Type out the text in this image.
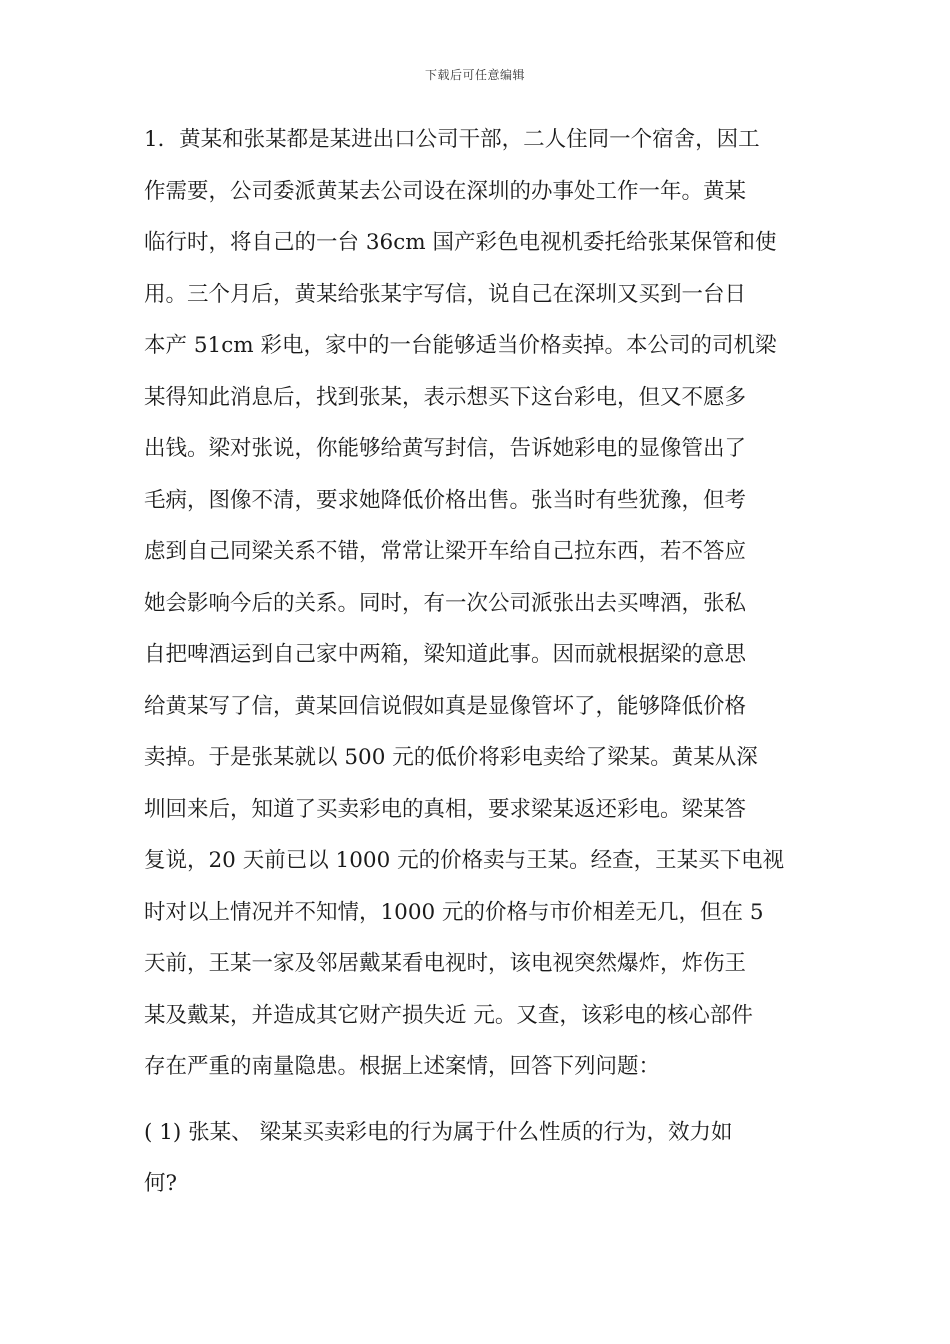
下载后可任意编辑

1．黄某和张某都是某进出口公司干部，二人住同一个宿舍，因工
作需要，公司委派黄某去公司设在深圳的办事处工作一年。黄某
临行时，将自己的一台 36cm 国产彩色电视机委托给张某保管和使
用。三个月后，黄某给张某宇写信，说自己在深圳又买到一台日
本产 51cm 彩电，家中的一台能够适当价格卖掉。本公司的司机梁
某得知此消息后，找到张某，表示想买下这台彩电，但又不愿多
出钱。梁对张说，你能够给黄写封信，告诉她彩电的显像管出了
毛病，图像不清，要求她降低价格出售。张当时有些犹豫，但考
虑到自己同梁关系不错，常常让梁开车给自己拉东西，若不答应
她会影响今后的关系。同时，有一次公司派张出去买啤酒，张私
自把啤酒运到自己家中两箱，梁知道此事。因而就根据梁的意思
给黄某写了信，黄某回信说假如真是显像管坏了，能够降低价格
卖掉。于是张某就以 500 元的低价将彩电卖给了梁某。黄某从深
圳回来后，知道了买卖彩电的真相，要求梁某返还彩电。梁某答
复说，20 天前已以 1000 元的价格卖与王某。经查，王某买下电视
时对以上情况并不知情，1000 元的价格与市价相差无几，但在 5
天前，王某一家及邻居戴某看电视时，该电视突然爆炸，炸伤王
某及戴某，并造成其它财产损失近 元。又查，该彩电的核心部件
存在严重的南量隐患。根据上述案情，回答下列问题：

( 1) 张某、 梁某买卖彩电的行为属于什么性质的行为，效力如
何?
